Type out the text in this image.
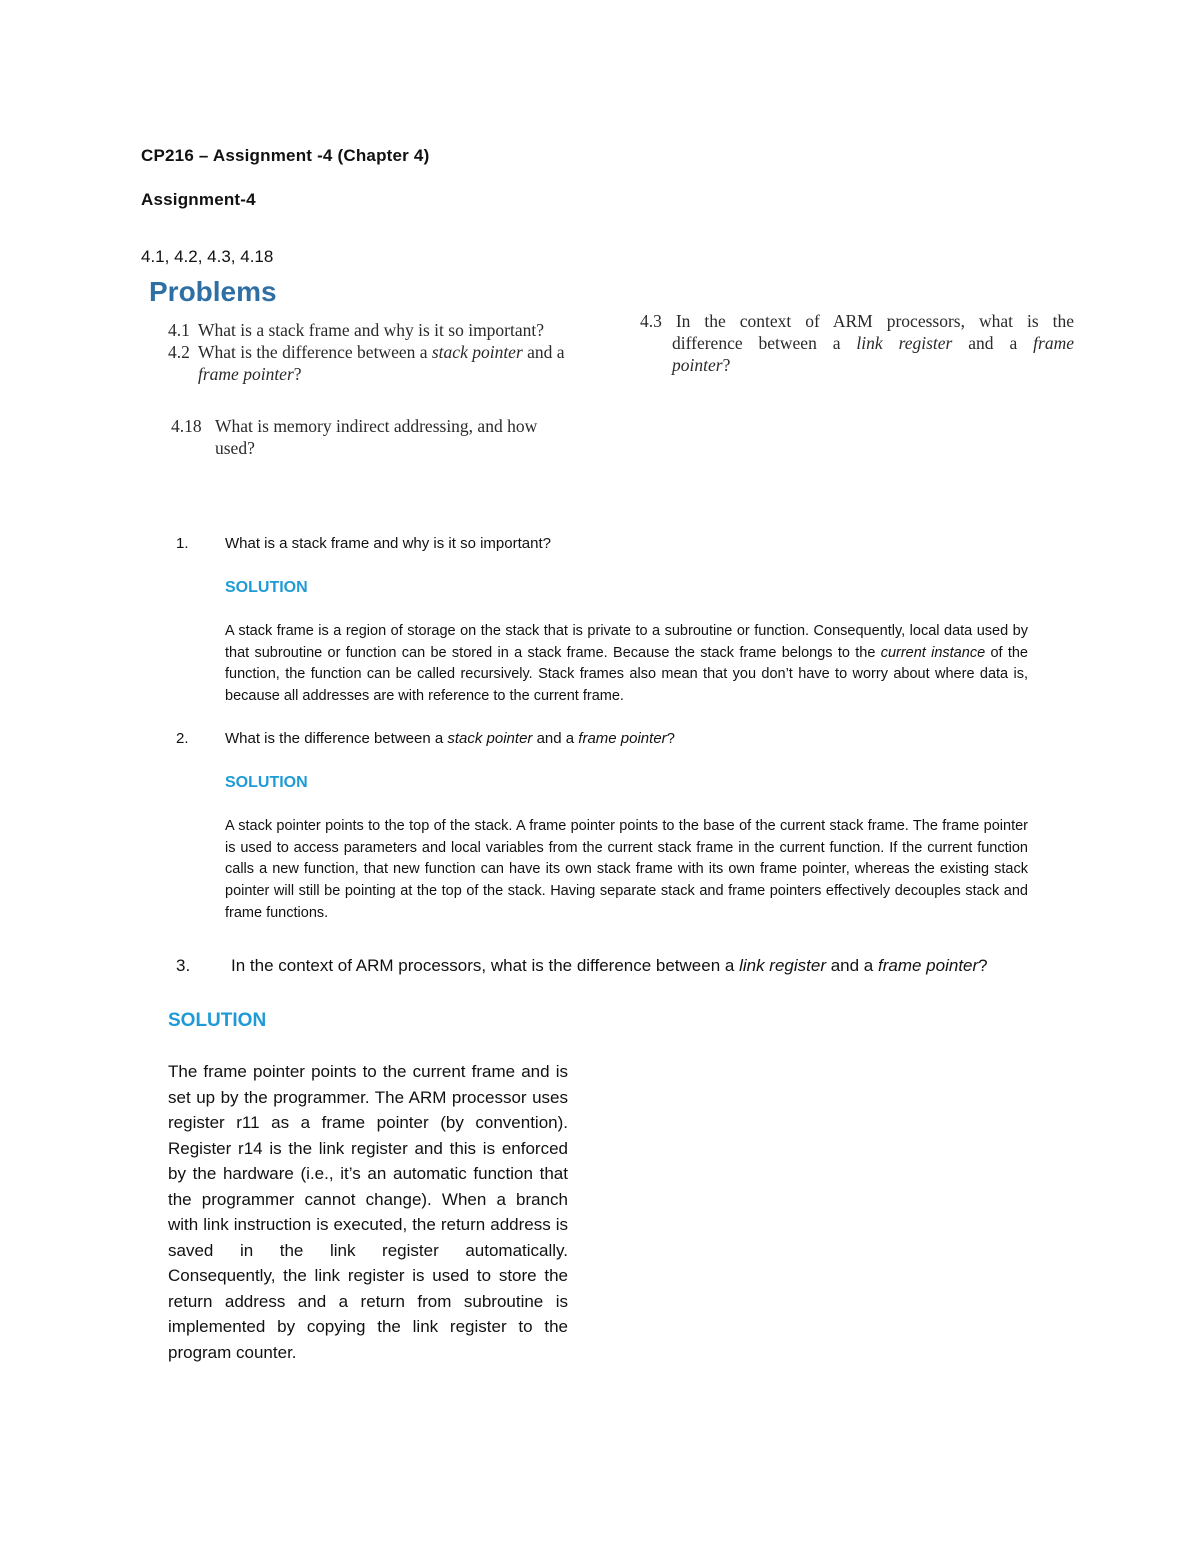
CP216 – Assignment -4 (Chapter 4)
Assignment-4
4.1, 4.2, 4.3, 4.18
Problems
4.1 What is a stack frame and why is it so important?
4.2 What is the difference between a stack pointer and a
frame pointer?
4.3 In the context of ARM processors, what is the
difference between a link register and a frame
pointer?
4.18 What is memory indirect addressing, and how
used?
1. What is a stack frame and why is it so important?
SOLUTION
A stack frame is a region of storage on the stack that is private to a subroutine or function. Consequently, local data used by that subroutine or function can be stored in a stack frame. Because the stack frame belongs to the current instance of the function, the function can be called recursively. Stack frames also mean that you don’t have to worry about where data is, because all addresses are with reference to the current frame.
2. What is the difference between a stack pointer and a frame pointer?
SOLUTION
A stack pointer points to the top of the stack. A frame pointer points to the base of the current stack frame. The frame pointer is used to access parameters and local variables from the current stack frame in the current function. If the current function calls a new function, that new function can have its own stack frame with its own frame pointer, whereas the existing stack pointer will still be pointing at the top of the stack. Having separate stack and frame pointers effectively decouples stack and frame functions.
3. In the context of ARM processors, what is the difference between a link register and a frame pointer?
SOLUTION
The frame pointer points to the current frame and is set up by the programmer. The ARM processor uses register r11 as a frame pointer (by convention). Register r14 is the link register and this is enforced by the hardware (i.e., it’s an automatic function that the programmer cannot change). When a branch with link instruction is executed, the return address is saved in the link register automatically. Consequently, the link register is used to store the return address and a return from subroutine is implemented by copying the link register to the program counter.
